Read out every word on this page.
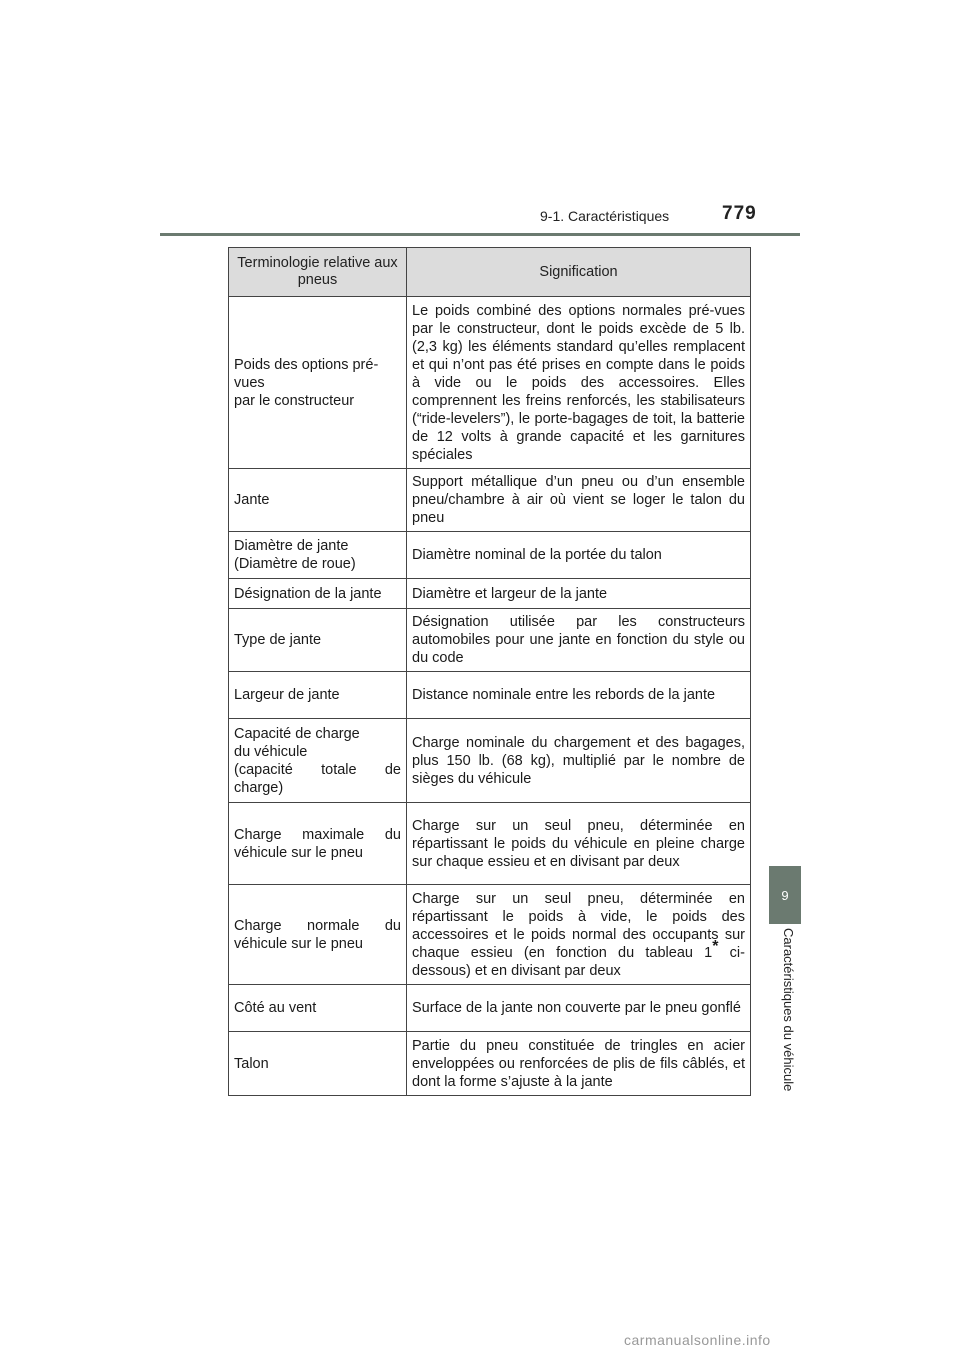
9-1. Caractéristiques	779
9
Caractéristiques du véhicule
Terminologie relative aux pneus	Signification
Poids des options pré-vues
par le constructeur	Le poids combiné des options normales pré-vues par le constructeur, dont le poids excède de 5 lb. (2,3 kg) les éléments standard qu’elles remplacent et qui n’ont pas été prises en compte dans le poids à vide ou le poids des accessoires. Elles comprennent les freins renforcés, les stabilisateurs (“ride-levelers”), le porte-bagages de toit, la batterie de 12 volts à grande capacité et les garnitures spéciales
Jante	Support métallique d’un pneu ou d’un ensemble pneu/chambre à air où vient se loger le talon du pneu
Diamètre de jante
(Diamètre de roue)	Diamètre nominal de la portée du talon
Désignation de la jante	Diamètre et largeur de la jante
Type de jante	Désignation utilisée par les constructeurs automobiles pour une jante en fonction du style ou du code
Largeur de jante	Distance nominale entre les rebords de la jante
Capacité de charge
du véhicule
(capacité totale de charge)	Charge nominale du chargement et des bagages, plus 150 lb. (68 kg), multiplié par le nombre de sièges du véhicule
Charge maximale du véhicule sur le pneu	Charge sur un seul pneu, déterminée en répartissant le poids du véhicule en pleine charge sur chaque essieu et en divisant par deux
Charge normale du véhicule sur le pneu	Charge sur un seul pneu, déterminée en répartissant le poids à vide, le poids des accessoires et le poids normal des occupants sur chaque essieu (en fonction du tableau 1* ci-dessous) et en divisant par deux
Côté au vent	Surface de la jante non couverte par le pneu gonflé
Talon	Partie du pneu constituée de tringles en acier enveloppées ou renforcées de plis de fils câblés, et dont la forme s’ajuste à la jante
carmanualsonline.info
